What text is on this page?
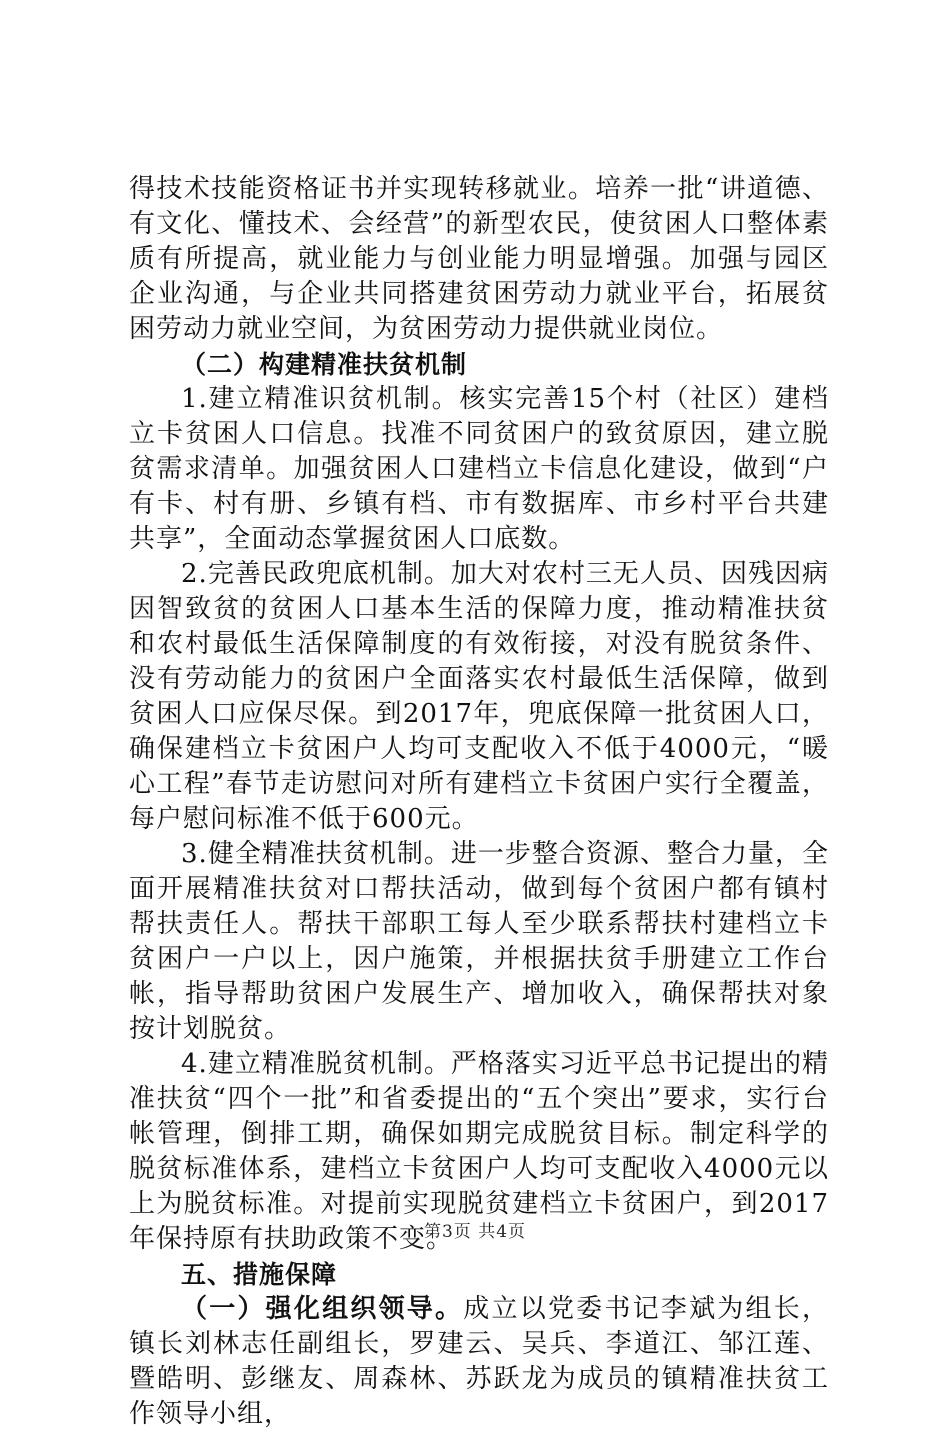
得技术技能资格证书并实现转移就业。培养一批“讲道德、有文化、懂技术、会经营”的新型农民，使贫困人口整体素质有所提高，就业能力与创业能力明显增强。加强与园区企业沟通，与企业共同搭建贫困劳动力就业平台，拓展贫困劳动力就业空间，为贫困劳动力提供就业岗位。

（二）构建精准扶贫机制

1.建立精准识贫机制。核实完善15个村（社区）建档立卡贫困人口信息。找准不同贫困户的致贫原因，建立脱贫需求清单。加强贫困人口建档立卡信息化建设，做到“户有卡、村有册、乡镇有档、市有数据库、市乡村平台共建共享”，全面动态掌握贫困人口底数。

2.完善民政兜底机制。加大对农村三无人员、因残因病因智致贫的贫困人口基本生活的保障力度，推动精准扶贫和农村最低生活保障制度的有效衔接，对没有脱贫条件、没有劳动能力的贫困户全面落实农村最低生活保障，做到贫困人口应保尽保。到2017年，兜底保障一批贫困人口，确保建档立卡贫困户人均可支配收入不低于4000元，“暖心工程”春节走访慰问对所有建档立卡贫困户实行全覆盖，每户慰问标准不低于600元。

3.健全精准扶贫机制。进一步整合资源、整合力量，全面开展精准扶贫对口帮扶活动，做到每个贫困户都有镇村帮扶责任人。帮扶干部职工每人至少联系帮扶村建档立卡贫困户一户以上，因户施策，并根据扶贫手册建立工作台帐，指导帮助贫困户发展生产、增加收入，确保帮扶对象按计划脱贫。

4.建立精准脱贫机制。严格落实习近平总书记提出的精准扶贫“四个一批”和省委提出的“五个突出”要求，实行台帐管理，倒排工期，确保如期完成脱贫目标。制定科学的脱贫标准体系，建档立卡贫困户人均可支配收入4000元以上为脱贫标准。对提前实现脱贫建档立卡贫困户，到2017年保持原有扶助政策不变。

五、措施保障

（一）强化组织领导。成立以党委书记李斌为组长，镇长刘林志任副组长，罗建云、吴兵、李道江、邹江莲、暨皓明、彭继友、周森林、苏跃龙为成员的镇精准扶贫工作领导小组，

第3页 共4页
